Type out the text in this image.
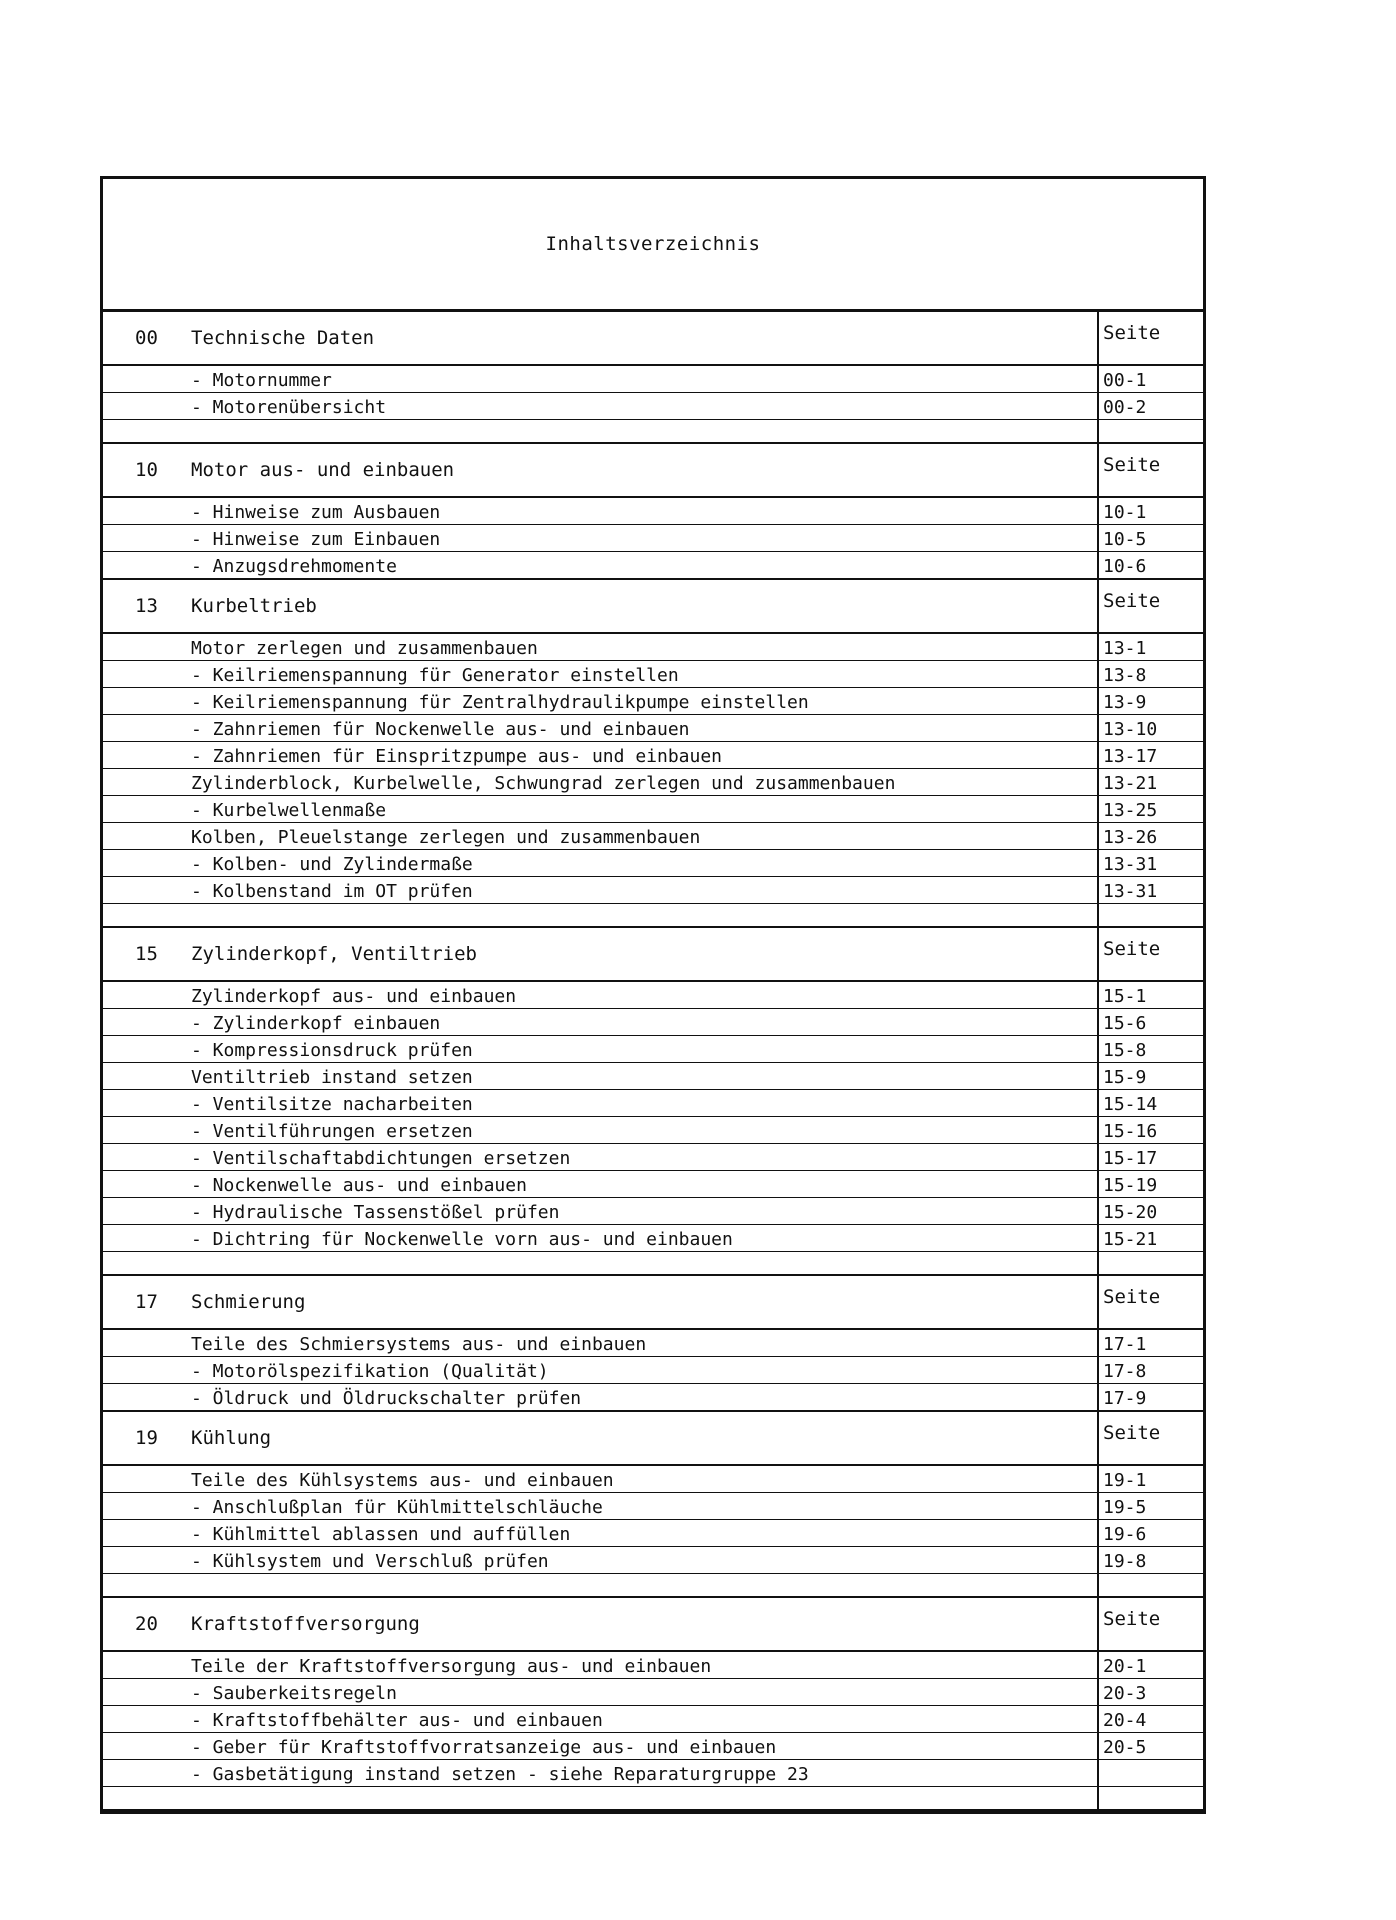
Inhaltsverzeichnis
00	Technische Daten	Seite
- Motornummer	00-1
- Motorenübersicht	00-2
10	Motor aus- und einbauen	Seite
- Hinweise zum Ausbauen	10-1
- Hinweise zum Einbauen	10-5
- Anzugsdrehmomente	10-6
13	Kurbeltrieb	Seite
Motor zerlegen und zusammenbauen	13-1
- Keilriemenspannung für Generator einstellen	13-8
- Keilriemenspannung für Zentralhydraulikpumpe einstellen	13-9
- Zahnriemen für Nockenwelle aus- und einbauen	13-10
- Zahnriemen für Einspritzpumpe aus- und einbauen	13-17
Zylinderblock, Kurbelwelle, Schwungrad zerlegen und zusammenbauen	13-21
- Kurbelwellenmaße	13-25
Kolben, Pleuelstange zerlegen und zusammenbauen	13-26
- Kolben- und Zylindermaße	13-31
- Kolbenstand im OT prüfen	13-31
15	Zylinderkopf, Ventiltrieb	Seite
Zylinderkopf aus- und einbauen	15-1
- Zylinderkopf einbauen	15-6
- Kompressionsdruck prüfen	15-8
Ventiltrieb instand setzen	15-9
- Ventilsitze nacharbeiten	15-14
- Ventilführungen ersetzen	15-16
- Ventilschaftabdichtungen ersetzen	15-17
- Nockenwelle aus- und einbauen	15-19
- Hydraulische Tassenstößel prüfen	15-20
- Dichtring für Nockenwelle vorn aus- und einbauen	15-21
17	Schmierung	Seite
Teile des Schmiersystems aus- und einbauen	17-1
- Motorölspezifikation (Qualität)	17-8
- Öldruck und Öldruckschalter prüfen	17-9
19	Kühlung	Seite
Teile des Kühlsystems aus- und einbauen	19-1
- Anschlußplan für Kühlmittelschläuche	19-5
- Kühlmittel ablassen und auffüllen	19-6
- Kühlsystem und Verschluß prüfen	19-8
20	Kraftstoffversorgung	Seite
Teile der Kraftstoffversorgung aus- und einbauen	20-1
- Sauberkeitsregeln	20-3
- Kraftstoffbehälter aus- und einbauen	20-4
- Geber für Kraftstoffvorratsanzeige aus- und einbauen	20-5
- Gasbetätigung instand setzen - siehe Reparaturgruppe 23
